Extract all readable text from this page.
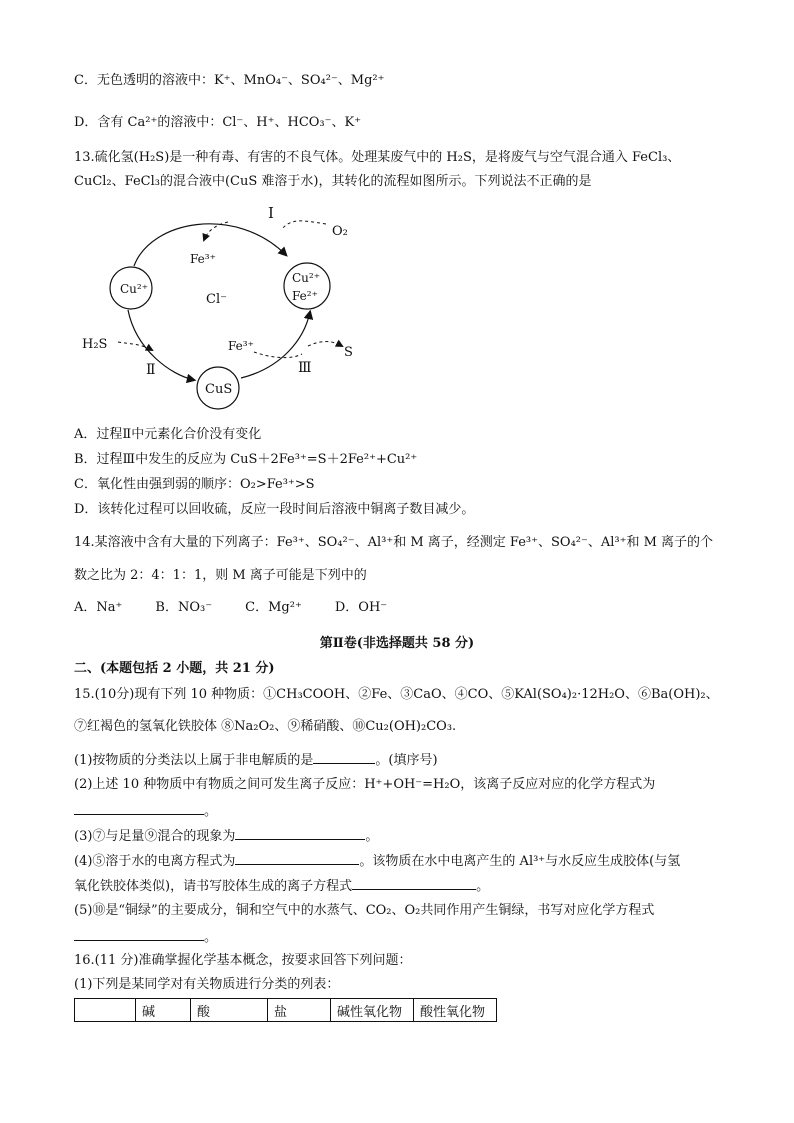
C．无色透明的溶液中：K⁺、MnO₄⁻、SO₄²⁻、Mg²⁺
D．含有 Ca²⁺的溶液中：Cl⁻、H⁺、HCO₃⁻、K⁺
13.硫化氢(H₂S)是一种有毒、有害的不良气体。处理某废气中的 H₂S，是将废气与空气混合通入 FeCl₃、
CuCl₂、FeCl₃的混合液中(CuS 难溶于水)，其转化的流程如图所示。下列说法不正确的是
Ⅰ
Ⅱ	Ⅲ
O₂
Fe³⁺
Cu²⁺
Cl⁻
Cu²⁺
Fe²⁺
H₂S	Fe³⁺	S
CuS
A．过程Ⅱ中元素化合价没有变化
B．过程Ⅲ中发生的反应为 CuS＋2Fe³⁺=S＋2Fe²⁺+Cu²⁺
C．氧化性由强到弱的顺序：O₂>Fe³⁺>S
D．该转化过程可以回收硫，反应一段时间后溶液中铜离子数目减少。
14.某溶液中含有大量的下列离子：Fe³⁺、SO₄²⁻、Al³⁺和 M 离子，经测定 Fe³⁺、SO₄²⁻、Al³⁺和 M 离子的个
数之比为 2：4：1：1，则 M 离子可能是下列中的
A．Na⁺        B．NO₃⁻        C．Mg²⁺        D．OH⁻
第Ⅱ卷(非选择题共 58 分)
二、(本题包括 2 小题，共 21 分)
15.(10分)现有下列 10 种物质：①CH₃COOH、②Fe、③CaO、④CO、⑤KAl(SO₄)₂·12H₂O、⑥Ba(OH)₂、
⑦红褐色的氢氧化铁胶体 ⑧Na₂O₂、⑨稀硝酸、⑩Cu₂(OH)₂CO₃.
(1)按物质的分类法以上属于非电解质的是	。(填序号)
(2)上述 10 种物质中有物质之间可发生离子反应：H⁺+OH⁻=H₂O，该离子反应对应的化学方程式为
。
(3)⑦与足量⑨混合的现象为	。
(4)⑤溶于水的电离方程式为	。该物质在水中电离产生的 Al³⁺与水反应生成胶体(与氢
氧化铁胶体类似)，请书写胶体生成的离子方程式	。
(5)⑩是“铜绿”的主要成分，铜和空气中的水蒸气、CO₂、O₂共同作用产生铜绿，书写对应化学方程式
。
16.(11 分)准确掌握化学基本概念，按要求回答下列问题：
(1)下列是某同学对有关物质进行分类的列表：
	碱	酸	盐	碱性氧化物	酸性氧化物
